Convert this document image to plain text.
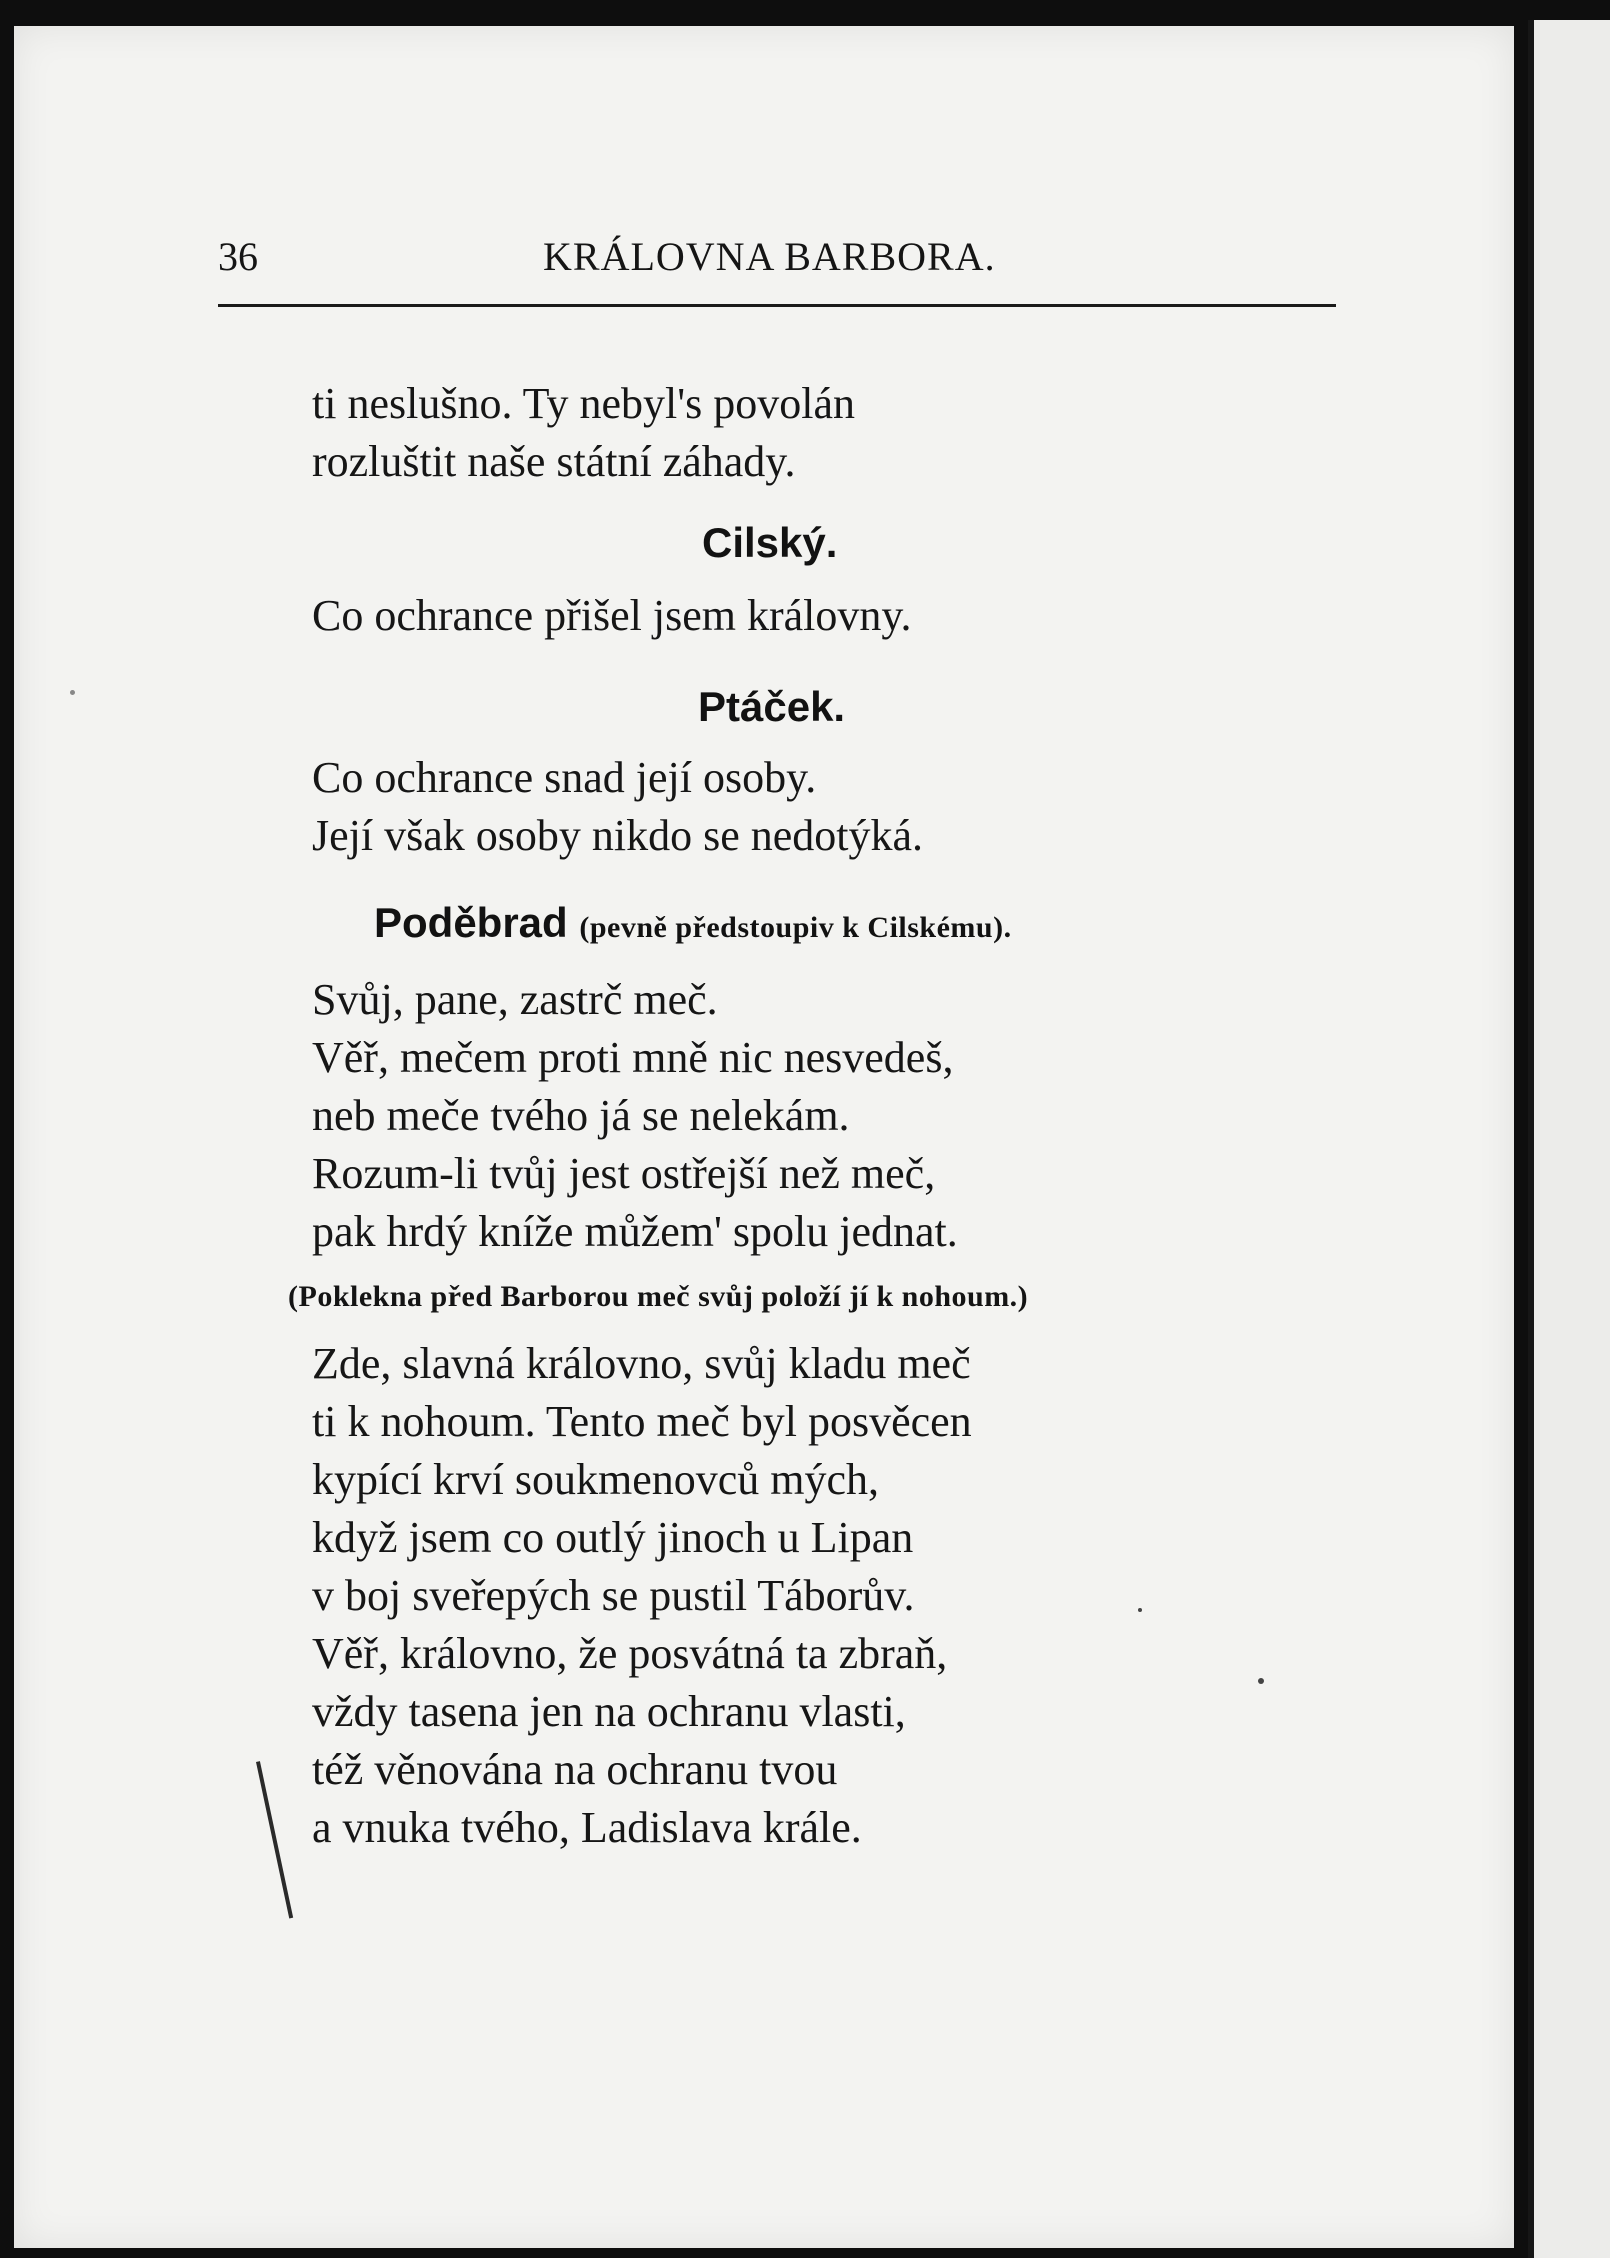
36	KRÁLOVNA BARBORA.
ti neslušno. Ty nebyl's povolán
rozluštit naše státní záhady.
Cilský.
Co ochrance přišel jsem královny.
Ptáček.
Co ochrance snad její osoby.
Její však osoby nikdo se nedotýká.
Poděbrad (pevně předstoupiv k Cilskému).
Svůj, pane, zastrč meč.
Věř, mečem proti mně nic nesvedeš,
neb meče tvého já se nelekám.
Rozum-li tvůj jest ostřejší než meč,
pak hrdý kníže můžem' spolu jednat.
(Poklekna před Barborou meč svůj položí jí k nohoum.)
Zde, slavná královno, svůj kladu meč
ti k nohoum. Tento meč byl posvěcen
kypící krví soukmenovců mých,
když jsem co outlý jinoch u Lipan
v boj sveřepých se pustil Táborův.
Věř, královno, že posvátná ta zbraň,
vždy tasena jen na ochranu vlasti,
též věnována na ochranu tvou
a vnuka tvého, Ladislava krále.
